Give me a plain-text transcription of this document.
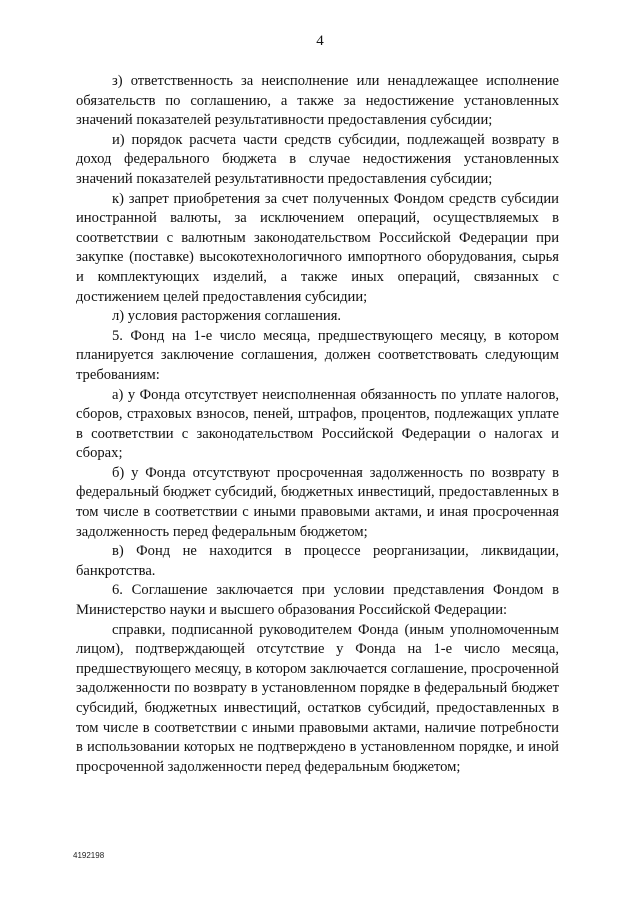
4

з) ответственность за неисполнение или ненадлежащее исполнение обязательств по соглашению, а также за недостижение установленных значений показателей результативности предоставления субсидии;

и) порядок расчета части средств субсидии, подлежащей возврату в доход федерального бюджета в случае недостижения установленных значений показателей результативности предоставления субсидии;

к) запрет приобретения за счет полученных Фондом средств субсидии иностранной валюты, за исключением операций, осуществляемых в соответствии с валютным законодательством Российской Федерации при закупке (поставке) высокотехнологичного импортного оборудования, сырья и комплектующих изделий, а также иных операций, связанных с достижением целей предоставления субсидии;

л) условия расторжения соглашения.

5. Фонд на 1-е число месяца, предшествующего месяцу, в котором планируется заключение соглашения, должен соответствовать следующим требованиям:

а) у Фонда отсутствует неисполненная обязанность по уплате налогов, сборов, страховых взносов, пеней, штрафов, процентов, подлежащих уплате в соответствии с законодательством Российской Федерации о налогах и сборах;

б) у Фонда отсутствуют просроченная задолженность по возврату в федеральный бюджет субсидий, бюджетных инвестиций, предоставленных в том числе в соответствии с иными правовыми актами, и иная просроченная задолженность перед федеральным бюджетом;

в) Фонд не находится в процессе реорганизации, ликвидации, банкротства.

6. Соглашение заключается при условии представления Фондом в Министерство науки и высшего образования Российской Федерации:

справки, подписанной руководителем Фонда (иным уполномоченным лицом), подтверждающей отсутствие у Фонда на 1-е число месяца, предшествующего месяцу, в котором заключается соглашение, просроченной задолженности по возврату в установленном порядке в федеральный бюджет субсидий, бюджетных инвестиций, остатков субсидий, предоставленных в том числе в соответствии с иными правовыми актами, наличие потребности в использовании которых не подтверждено в установленном порядке, и иной просроченной задолженности перед федеральным бюджетом;

4192198
